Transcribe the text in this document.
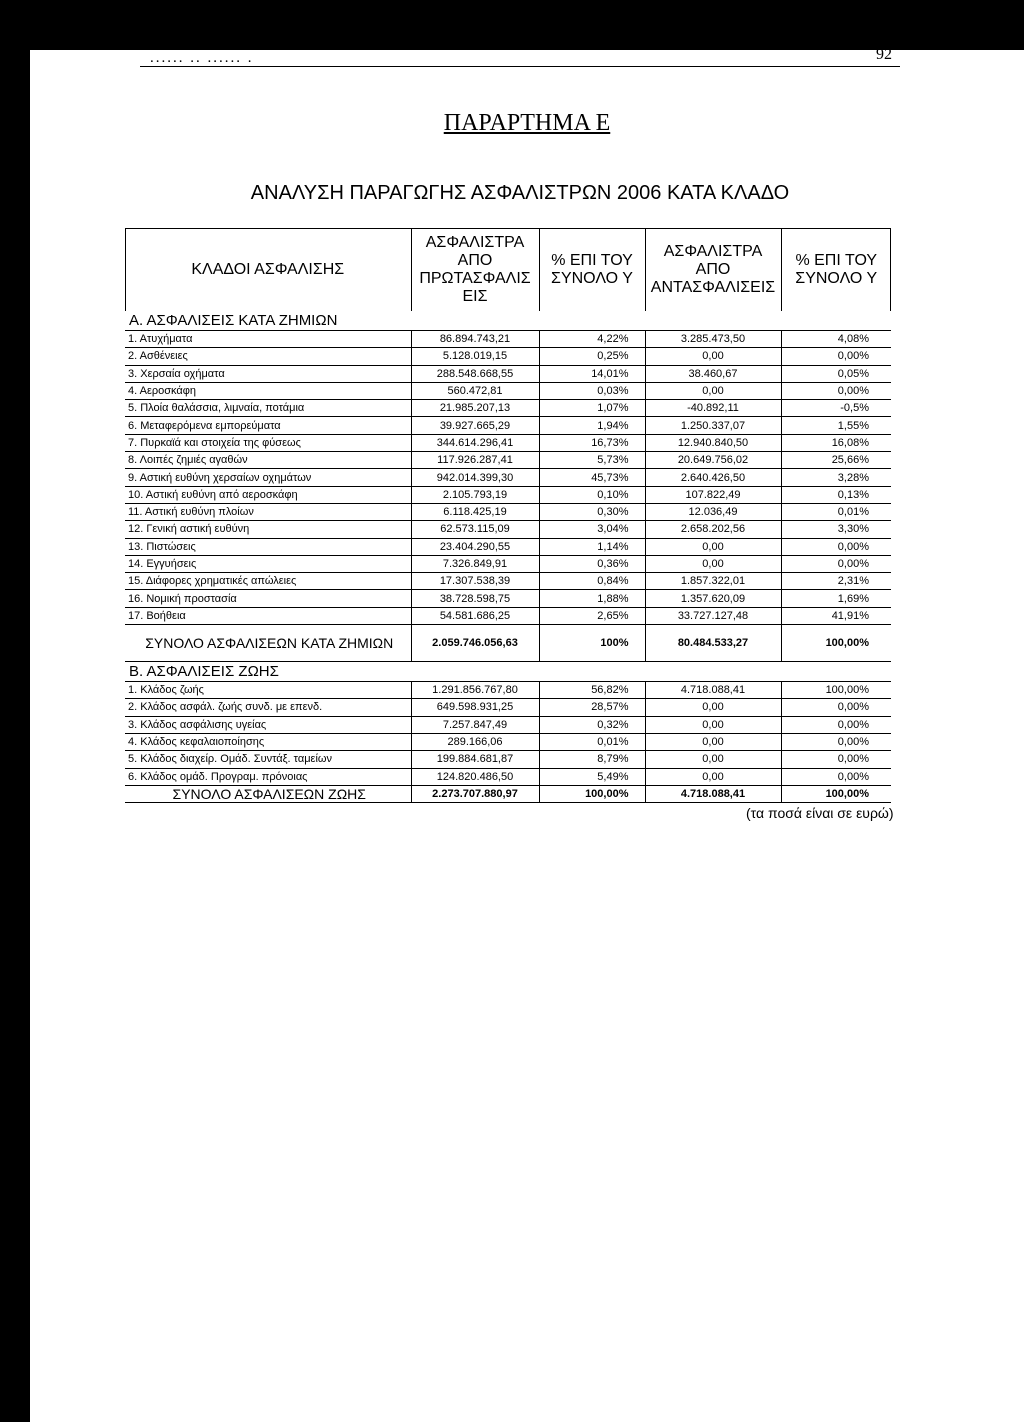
...... .. ...... .	92
ΠΑΡΑΡΤΗΜΑ Ε
ΑΝΑΛΥΣΗ ΠΑΡΑΓΩΓΗΣ ΑΣΦΑΛΙΣΤΡΩΝ 2006 ΚΑΤΑ ΚΛΑΔΟ
ΚΛΑΔΟΙ ΑΣΦΑΛΙΣΗΣ	ΑΣΦΑΛΙΣΤΡΑ ΑΠΟ ΠΡΩΤΑΣΦΑΛΙΣ ΕΙΣ	% ΕΠΙ ΤΟΥ ΣΥΝΟΛΟ Υ	ΑΣΦΑΛΙΣΤΡΑ ΑΠΟ ΑΝΤΑΣΦΑΛΙΣΕΙΣ	% ΕΠΙ ΤΟΥ ΣΥΝΟΛΟ Υ
Α. ΑΣΦΑΛΙΣΕΙΣ ΚΑΤΑ ΖΗΜΙΩΝ				
1. Ατυχήματα	86.894.743,21	4,22%	3.285.473,50	4,08%
2. Ασθένειες	5.128.019,15	0,25%	0,00	0,00%
3. Χερσαία οχήματα	288.548.668,55	14,01%	38.460,67	0,05%
4. Αεροσκάφη	560.472,81	0,03%	0,00	0,00%
5. Πλοία θαλάσσια, λιμναία, ποτάμια	21.985.207,13	1,07%	-40.892,11	-0,5%
6. Μεταφερόμενα εμπορεύματα	39.927.665,29	1,94%	1.250.337,07	1,55%
7. Πυρκαϊά και στοιχεία της φύσεως	344.614.296,41	16,73%	12.940.840,50	16,08%
8. Λοιπές ζημιές αγαθών	117.926.287,41	5,73%	20.649.756,02	25,66%
9. Αστική ευθύνη χερσαίων οχημάτων	942.014.399,30	45,73%	2.640.426,50	3,28%
10. Αστική ευθύνη από αεροσκάφη	2.105.793,19	0,10%	107.822,49	0,13%
11. Αστική ευθύνη πλοίων	6.118.425,19	0,30%	12.036,49	0,01%
12. Γενική αστική ευθύνη	62.573.115,09	3,04%	2.658.202,56	3,30%
13. Πιστώσεις	23.404.290,55	1,14%	0,00	0,00%
14. Εγγυήσεις	7.326.849,91	0,36%	0,00	0,00%
15. Διάφορες χρηματικές απώλειες	17.307.538,39	0,84%	1.857.322,01	2,31%
16. Νομική προστασία	38.728.598,75	1,88%	1.357.620,09	1,69%
17. Βοήθεια	54.581.686,25	2,65%	33.727.127,48	41,91%
ΣΥΝΟΛΟ ΑΣΦΑΛΙΣΕΩΝ ΚΑΤΑ ΖΗΜΙΩΝ	2.059.746.056,63	100%	80.484.533,27	100,00%
Β. ΑΣΦΑΛΙΣΕΙΣ ΖΩΗΣ				
1. Κλάδος ζωής	1.291.856.767,80	56,82%	4.718.088,41	100,00%
2. Κλάδος ασφάλ. ζωής συνδ. με επενδ.	649.598.931,25	28,57%	0,00	0,00%
3. Κλάδος ασφάλισης υγείας	7.257.847,49	0,32%	0,00	0,00%
4. Κλάδος κεφαλαιοποίησης	289.166,06	0,01%	0,00	0,00%
5. Κλάδος διαχείρ. Ομάδ. Συντάξ. ταμείων	199.884.681,87	8,79%	0,00	0,00%
6. Κλάδος ομάδ. Προγραμ. πρόνοιας	124.820.486,50	5,49%	0,00	0,00%
ΣΥΝΟΛΟ ΑΣΦΑΛΙΣΕΩΝ ΖΩΗΣ	2.273.707.880,97	100,00%	4.718.088,41	100,00%
(τα ποσά είναι σε ευρώ)
